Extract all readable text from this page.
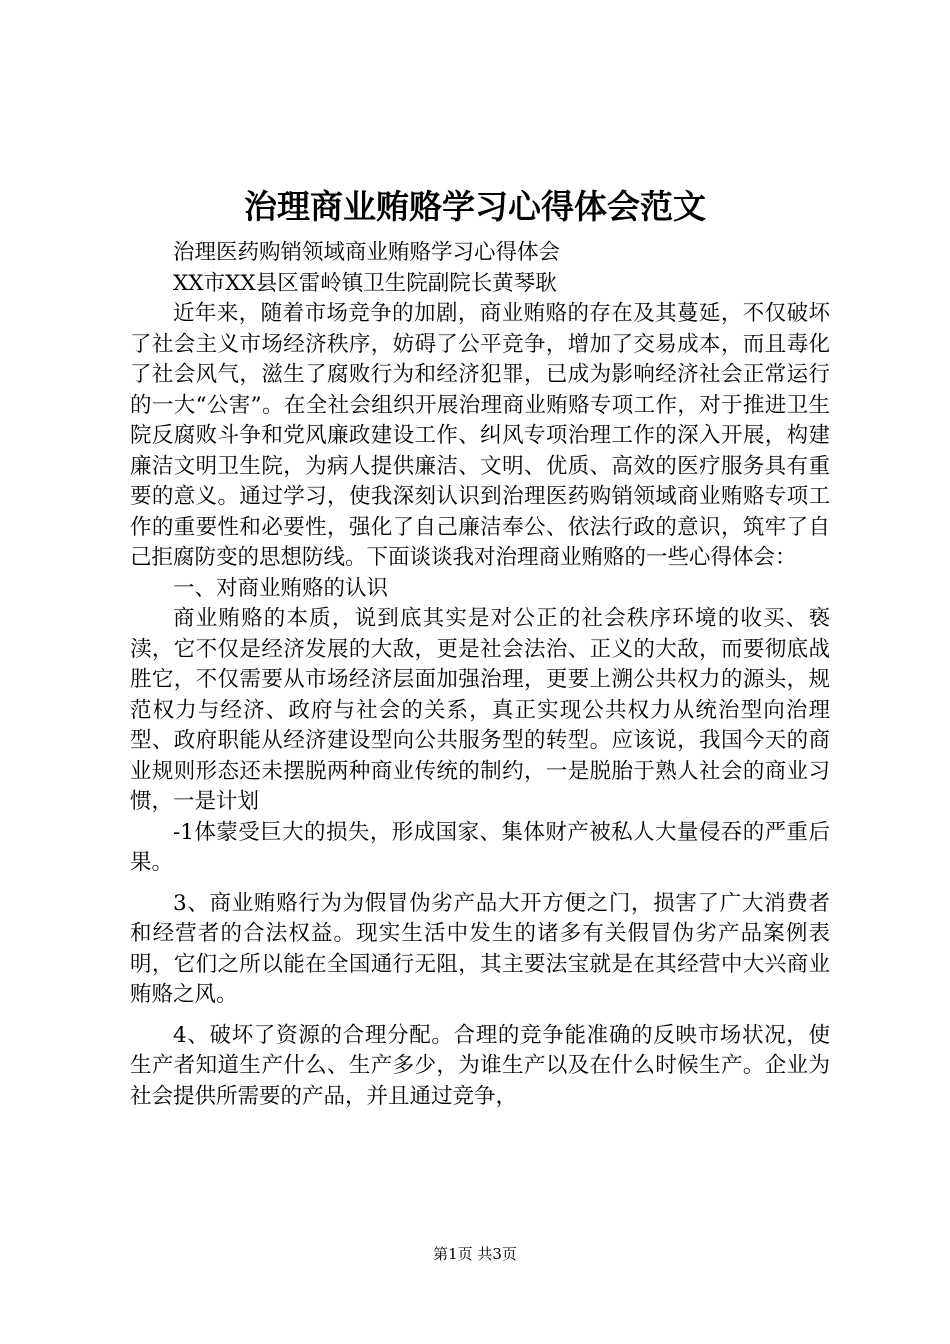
治理商业贿赂学习心得体会范文

治理医药购销领域商业贿赂学习心得体会

XX市XX县区雷岭镇卫生院副院长黄琴耿

近年来，随着市场竞争的加剧，商业贿赂的存在及其蔓延，不仅破坏了社会主义市场经济秩序，妨碍了公平竞争，增加了交易成本，而且毒化了社会风气，滋生了腐败行为和经济犯罪，已成为影响经济社会正常运行的一大“公害”。在全社会组织开展治理商业贿赂专项工作，对于推进卫生院反腐败斗争和党风廉政建设工作、纠风专项治理工作的深入开展，构建廉洁文明卫生院，为病人提供廉洁、文明、优质、高效的医疗服务具有重要的意义。通过学习，使我深刻认识到治理医药购销领域商业贿赂专项工作的重要性和必要性，强化了自己廉洁奉公、依法行政的意识，筑牢了自己拒腐防变的思想防线。下面谈谈我对治理商业贿赂的一些心得体会：

一、对商业贿赂的认识

商业贿赂的本质，说到底其实是对公正的社会秩序环境的收买、亵渎，它不仅是经济发展的大敌，更是社会法治、正义的大敌，而要彻底战胜它，不仅需要从市场经济层面加强治理，更要上溯公共权力的源头，规范权力与经济、政府与社会的关系，真正实现公共权力从统治型向治理型、政府职能从经济建设型向公共服务型的转型。应该说，我国今天的商业规则形态还未摆脱两种商业传统的制约，一是脱胎于熟人社会的商业习惯，一是计划

-1体蒙受巨大的损失，形成国家、集体财产被私人大量侵吞的严重后果。

3、商业贿赂行为为假冒伪劣产品大开方便之门，损害了广大消费者和经营者的合法权益。现实生活中发生的诸多有关假冒伪劣产品案例表明，它们之所以能在全国通行无阻，其主要法宝就是在其经营中大兴商业贿赂之风。

4、破坏了资源的合理分配。合理的竞争能准确的反映市场状况，使生产者知道生产什么、生产多少，为谁生产以及在什么时候生产。企业为社会提供所需要的产品，并且通过竞争，

第1页 共3页
